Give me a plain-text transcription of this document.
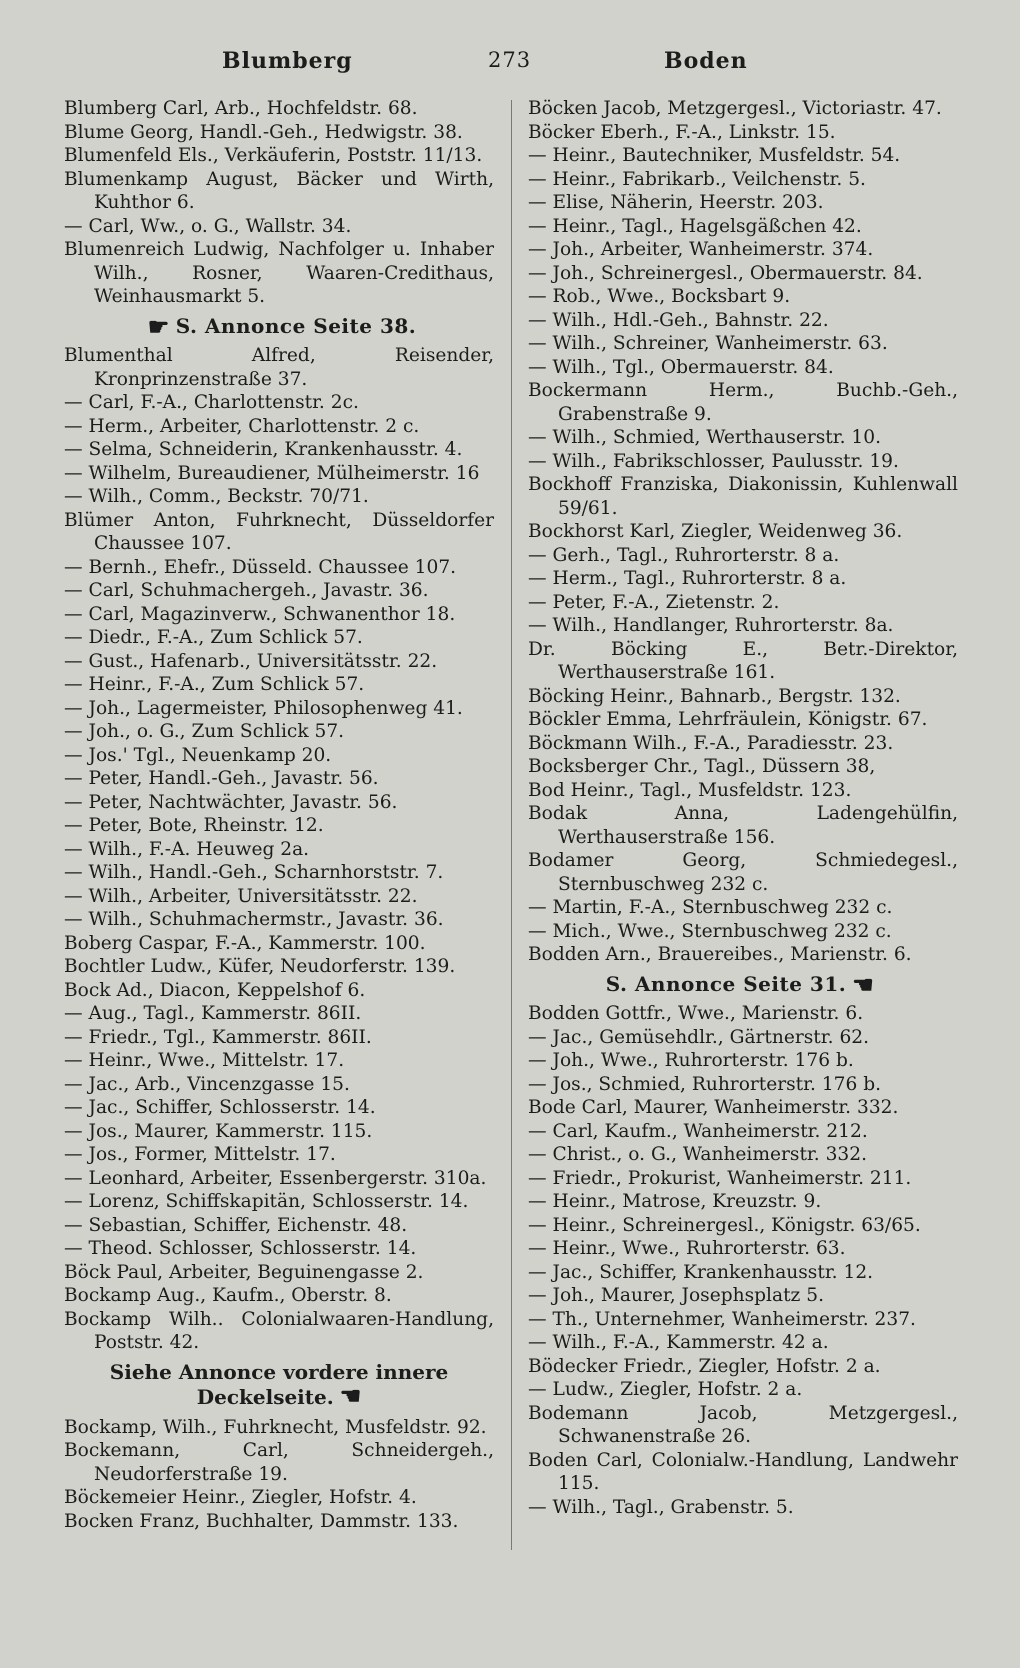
Blumberg	273	Boden
Blumberg Carl, Arb., Hochfeldstr. 68.
Blume Georg, Handl.-Geh., Hedwigstr. 38.
Blumenfeld Els., Verkäuferin, Poststr. 11/13.
Blumenkamp August, Bäcker und Wirth, Kuhthor 6.
— Carl, Ww., o. G., Wallstr. 34.
Blumenreich Ludwig, Nachfolger u. Inhaber Wilh., Rosner, Waaren-Credithaus, Weinhausmarkt 5.
☛ S. Annonce Seite 38.
Blumenthal Alfred, Reisender, Kronprinzenstraße 37.
— Carl, F.-A., Charlottenstr. 2c.
— Herm., Arbeiter, Charlottenstr. 2 c.
— Selma, Schneiderin, Krankenhausstr. 4.
— Wilhelm, Bureaudiener, Mülheimerstr. 16
— Wilh., Comm., Beckstr. 70/71.
Blümer Anton, Fuhrknecht, Düsseldorfer Chaussee 107.
— Bernh., Ehefr., Düsseld. Chaussee 107.
— Carl, Schuhmachergeh., Javastr. 36.
— Carl, Magazinverw., Schwanenthor 18.
— Diedr., F.-A., Zum Schlick 57.
— Gust., Hafenarb., Universitätsstr. 22.
— Heinr., F.-A., Zum Schlick 57.
— Joh., Lagermeister, Philosophenweg 41.
— Joh., o. G., Zum Schlick 57.
— Jos.' Tgl., Neuenkamp 20.
— Peter, Handl.-Geh., Javastr. 56.
— Peter, Nachtwächter, Javastr. 56.
— Peter, Bote, Rheinstr. 12.
— Wilh., F.-A. Heuweg 2a.
— Wilh., Handl.-Geh., Scharnhorststr. 7.
— Wilh., Arbeiter, Universitätsstr. 22.
— Wilh., Schuhmachermstr., Javastr. 36.
Boberg Caspar, F.-A., Kammerstr. 100.
Bochtler Ludw., Küfer, Neudorferstr. 139.
Bock Ad., Diacon, Keppelshof 6.
— Aug., Tagl., Kammerstr. 86II.
— Friedr., Tgl., Kammerstr. 86II.
— Heinr., Wwe., Mittelstr. 17.
— Jac., Arb., Vincenzgasse 15.
— Jac., Schiffer, Schlosserstr. 14.
— Jos., Maurer, Kammerstr. 115.
— Jos., Former, Mittelstr. 17.
— Leonhard, Arbeiter, Essenbergerstr. 310a.
— Lorenz, Schiffskapitän, Schlosserstr. 14.
— Sebastian, Schiffer, Eichenstr. 48.
— Theod. Schlosser, Schlosserstr. 14.
Böck Paul, Arbeiter, Beguinengasse 2.
Bockamp Aug., Kaufm., Oberstr. 8.
Bockamp Wilh.. Colonialwaaren-Handlung, Poststr. 42.
Siehe Annonce vordere innere
Deckelseite. ☚
Bockamp, Wilh., Fuhrknecht, Musfeldstr. 92.
Bockemann, Carl, Schneidergeh., Neudorferstraße 19.
Böckemeier Heinr., Ziegler, Hofstr. 4.
Bocken Franz, Buchhalter, Dammstr. 133.
Böcken Jacob, Metzgergesl., Victoriastr. 47.
Böcker Eberh., F.-A., Linkstr. 15.
— Heinr., Bautechniker, Musfeldstr. 54.
— Heinr., Fabrikarb., Veilchenstr. 5.
— Elise, Näherin, Heerstr. 203.
— Heinr., Tagl., Hagelsgäßchen 42.
— Joh., Arbeiter, Wanheimerstr. 374.
— Joh., Schreinergesl., Obermauerstr. 84.
— Rob., Wwe., Bocksbart 9.
— Wilh., Hdl.-Geh., Bahnstr. 22.
— Wilh., Schreiner, Wanheimerstr. 63.
— Wilh., Tgl., Obermauerstr. 84.
Bockermann Herm., Buchb.-Geh., Grabenstraße 9.
— Wilh., Schmied, Werthauserstr. 10.
— Wilh., Fabrikschlosser, Paulusstr. 19.
Bockhoff Franziska, Diakonissin, Kuhlenwall 59/61.
Bockhorst Karl, Ziegler, Weidenweg 36.
— Gerh., Tagl., Ruhrorterstr. 8 a.
— Herm., Tagl., Ruhrorterstr. 8 a.
— Peter, F.-A., Zietenstr. 2.
— Wilh., Handlanger, Ruhrorterstr. 8a.
Dr. Böcking E., Betr.-Direktor, Werthauserstraße 161.
Böcking Heinr., Bahnarb., Bergstr. 132.
Böckler Emma, Lehrfräulein, Königstr. 67.
Böckmann Wilh., F.-A., Paradiesstr. 23.
Bocksberger Chr., Tagl., Düssern 38,
Bod Heinr., Tagl., Musfeldstr. 123.
Bodak Anna, Ladengehülfin, Werthauserstraße 156.
Bodamer Georg, Schmiedegesl., Sternbuschweg 232 c.
— Martin, F.-A., Sternbuschweg 232 c.
— Mich., Wwe., Sternbuschweg 232 c.
Bodden Arn., Brauereibes., Marienstr. 6.
S. Annonce Seite 31. ☚
Bodden Gottfr., Wwe., Marienstr. 6.
— Jac., Gemüsehdlr., Gärtnerstr. 62.
— Joh., Wwe., Ruhrorterstr. 176 b.
— Jos., Schmied, Ruhrorterstr. 176 b.
Bode Carl, Maurer, Wanheimerstr. 332.
— Carl, Kaufm., Wanheimerstr. 212.
— Christ., o. G., Wanheimerstr. 332.
— Friedr., Prokurist, Wanheimerstr. 211.
— Heinr., Matrose, Kreuzstr. 9.
— Heinr., Schreinergesl., Königstr. 63/65.
— Heinr., Wwe., Ruhrorterstr. 63.
— Jac., Schiffer, Krankenhausstr. 12.
— Joh., Maurer, Josephsplatz 5.
— Th., Unternehmer, Wanheimerstr. 237.
— Wilh., F.-A., Kammerstr. 42 a.
Bödecker Friedr., Ziegler, Hofstr. 2 a.
— Ludw., Ziegler, Hofstr. 2 a.
Bodemann Jacob, Metzgergesl., Schwanenstraße 26.
Boden Carl, Colonialw.-Handlung, Landwehr 115.
— Wilh., Tagl., Grabenstr. 5.
